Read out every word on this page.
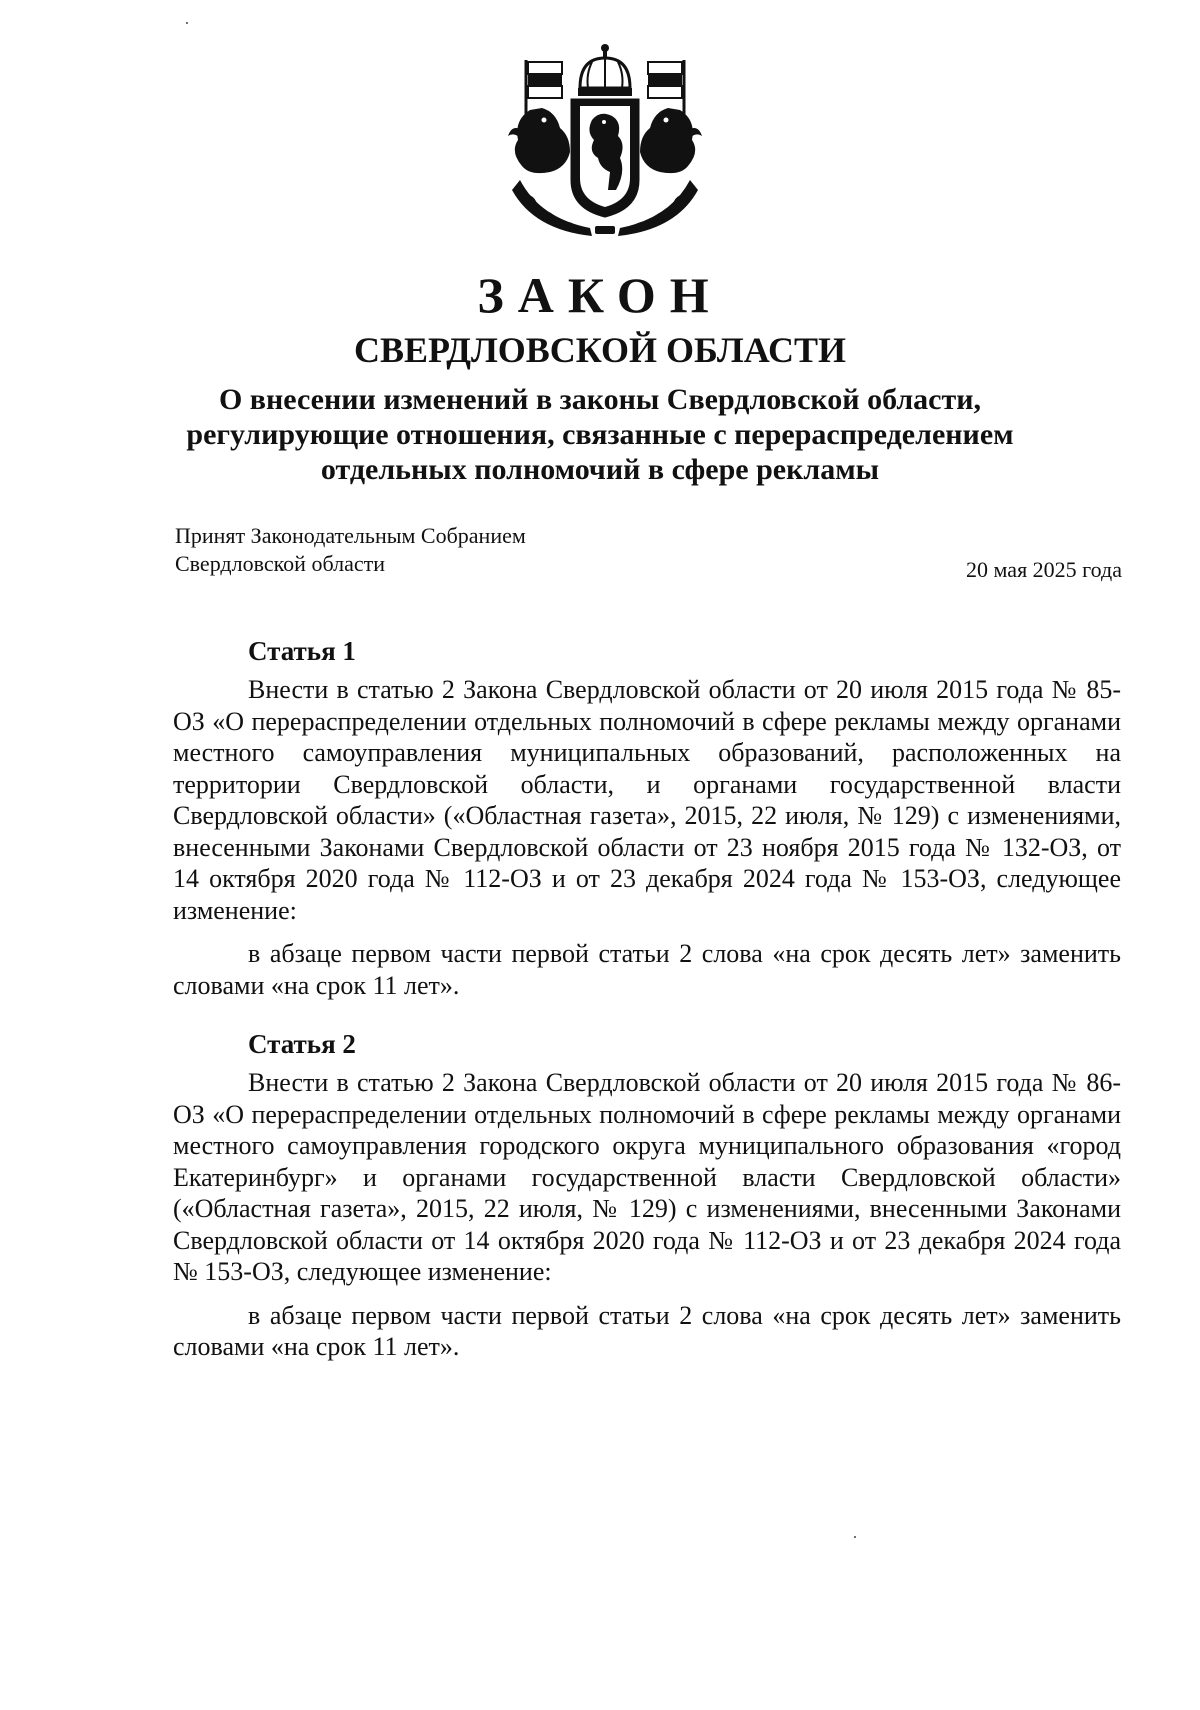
ЗАКОН
СВЕРДЛОВСКОЙ ОБЛАСТИ
О внесении изменений в законы Свердловской области, регулирующие отношения, связанные с перераспределением отдельных полномочий в сфере рекламы
Принят Законодательным Собранием
Свердловской области	20 мая 2025 года
Статья 1

Внести в статью 2 Закона Свердловской области от 20 июля 2015 года № 85-ОЗ «О перераспределении отдельных полномочий в сфере рекламы между органами местного самоуправления муниципальных образований, расположенных на территории Свердловской области, и органами государственной власти Свердловской области» («Областная газета», 2015, 22 июля, № 129) с изменениями, внесенными Законами Свердловской области от 23 ноября 2015 года № 132-ОЗ, от 14 октября 2020 года № 112-ОЗ и от 23 декабря 2024 года № 153-ОЗ, следующее изменение:

в абзаце первом части первой статьи 2 слова «на срок десять лет» заменить словами «на срок 11 лет».

Статья 2

Внести в статью 2 Закона Свердловской области от 20 июля 2015 года № 86-ОЗ «О перераспределении отдельных полномочий в сфере рекламы между органами местного самоуправления городского округа муниципального образования «город Екатеринбург» и органами государственной власти Свердловской области» («Областная газета», 2015, 22 июля, № 129) с изменениями, внесенными Законами Свердловской области от 14 октября 2020 года № 112-ОЗ и от 23 декабря 2024 года № 153-ОЗ, следующее изменение:

в абзаце первом части первой статьи 2 слова «на срок десять лет» заменить словами «на срок 11 лет».
